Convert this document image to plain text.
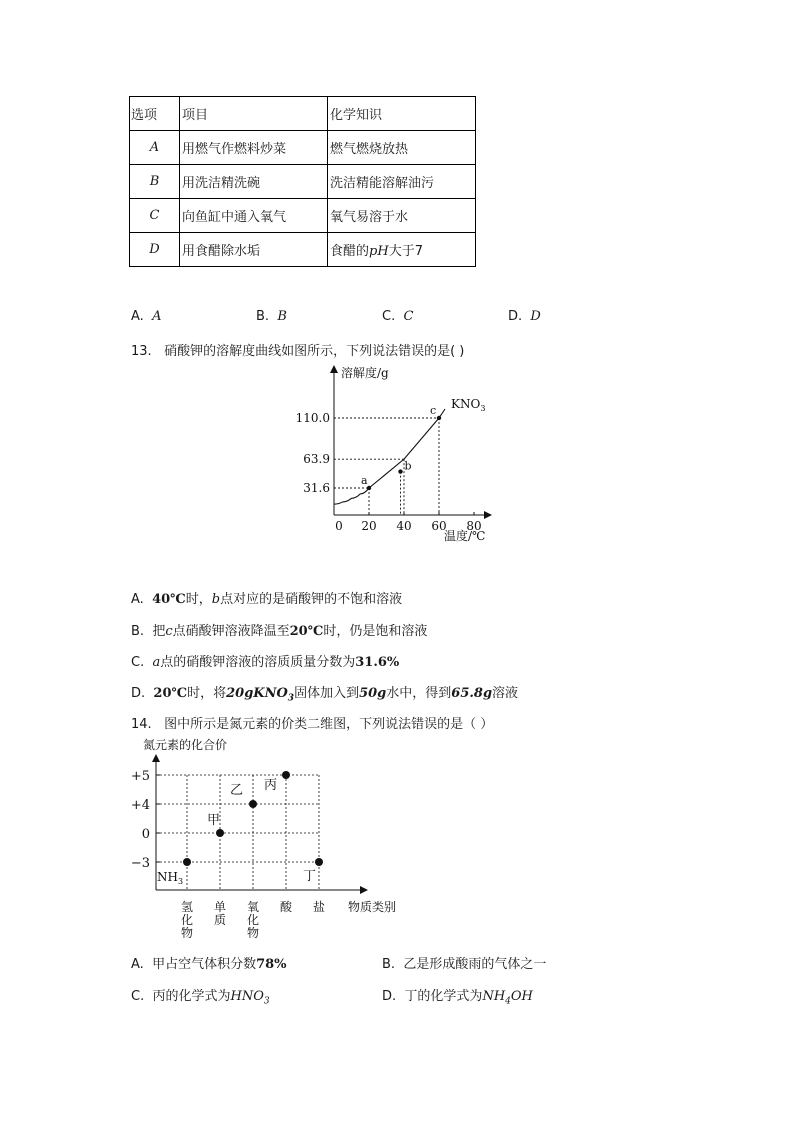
选项	项目	化学知识
A	用燃气作燃料炒菜	燃气燃烧放热
B	用洗洁精洗碗	洗洁精能溶解油污
C	向鱼缸中通入氧气	氧气易溶于水
D	用食醋除水垢	食醋的pH大于7
A. A	B. B	C. C	D. D
13. 硝酸钾的溶解度曲线如图所示，下列说法错误的是( )
溶解度/g
温度/℃
0 20 40 60 80
31.6
63.9
110.0
a
b
c $KNO_3$
A. 40℃时，b点对应的是硝酸钾的不饱和溶液
B. 把c点硝酸钾溶液降温至20℃时，仍是饱和溶液
C. a点的硝酸钾溶液的溶质质量分数为31.6%
D. 20℃时，将20gKNO$_3$固体加入到50g水中，得到65.8g溶液
14. 图中所示是氮元素的价类二维图，下列说法错误的是（ ）
氮元素的化合价
+5
+4
0
−3
氢化物
单质
氧化物
酸 盐 物质类别
$NH_3$
甲
乙 丙
丁
A. 甲占空气体积分数78%	B. 乙是形成酸雨的气体之一
C. 丙的化学式为$HNO_3$	D. 丁的化学式为$NH_4OH$
